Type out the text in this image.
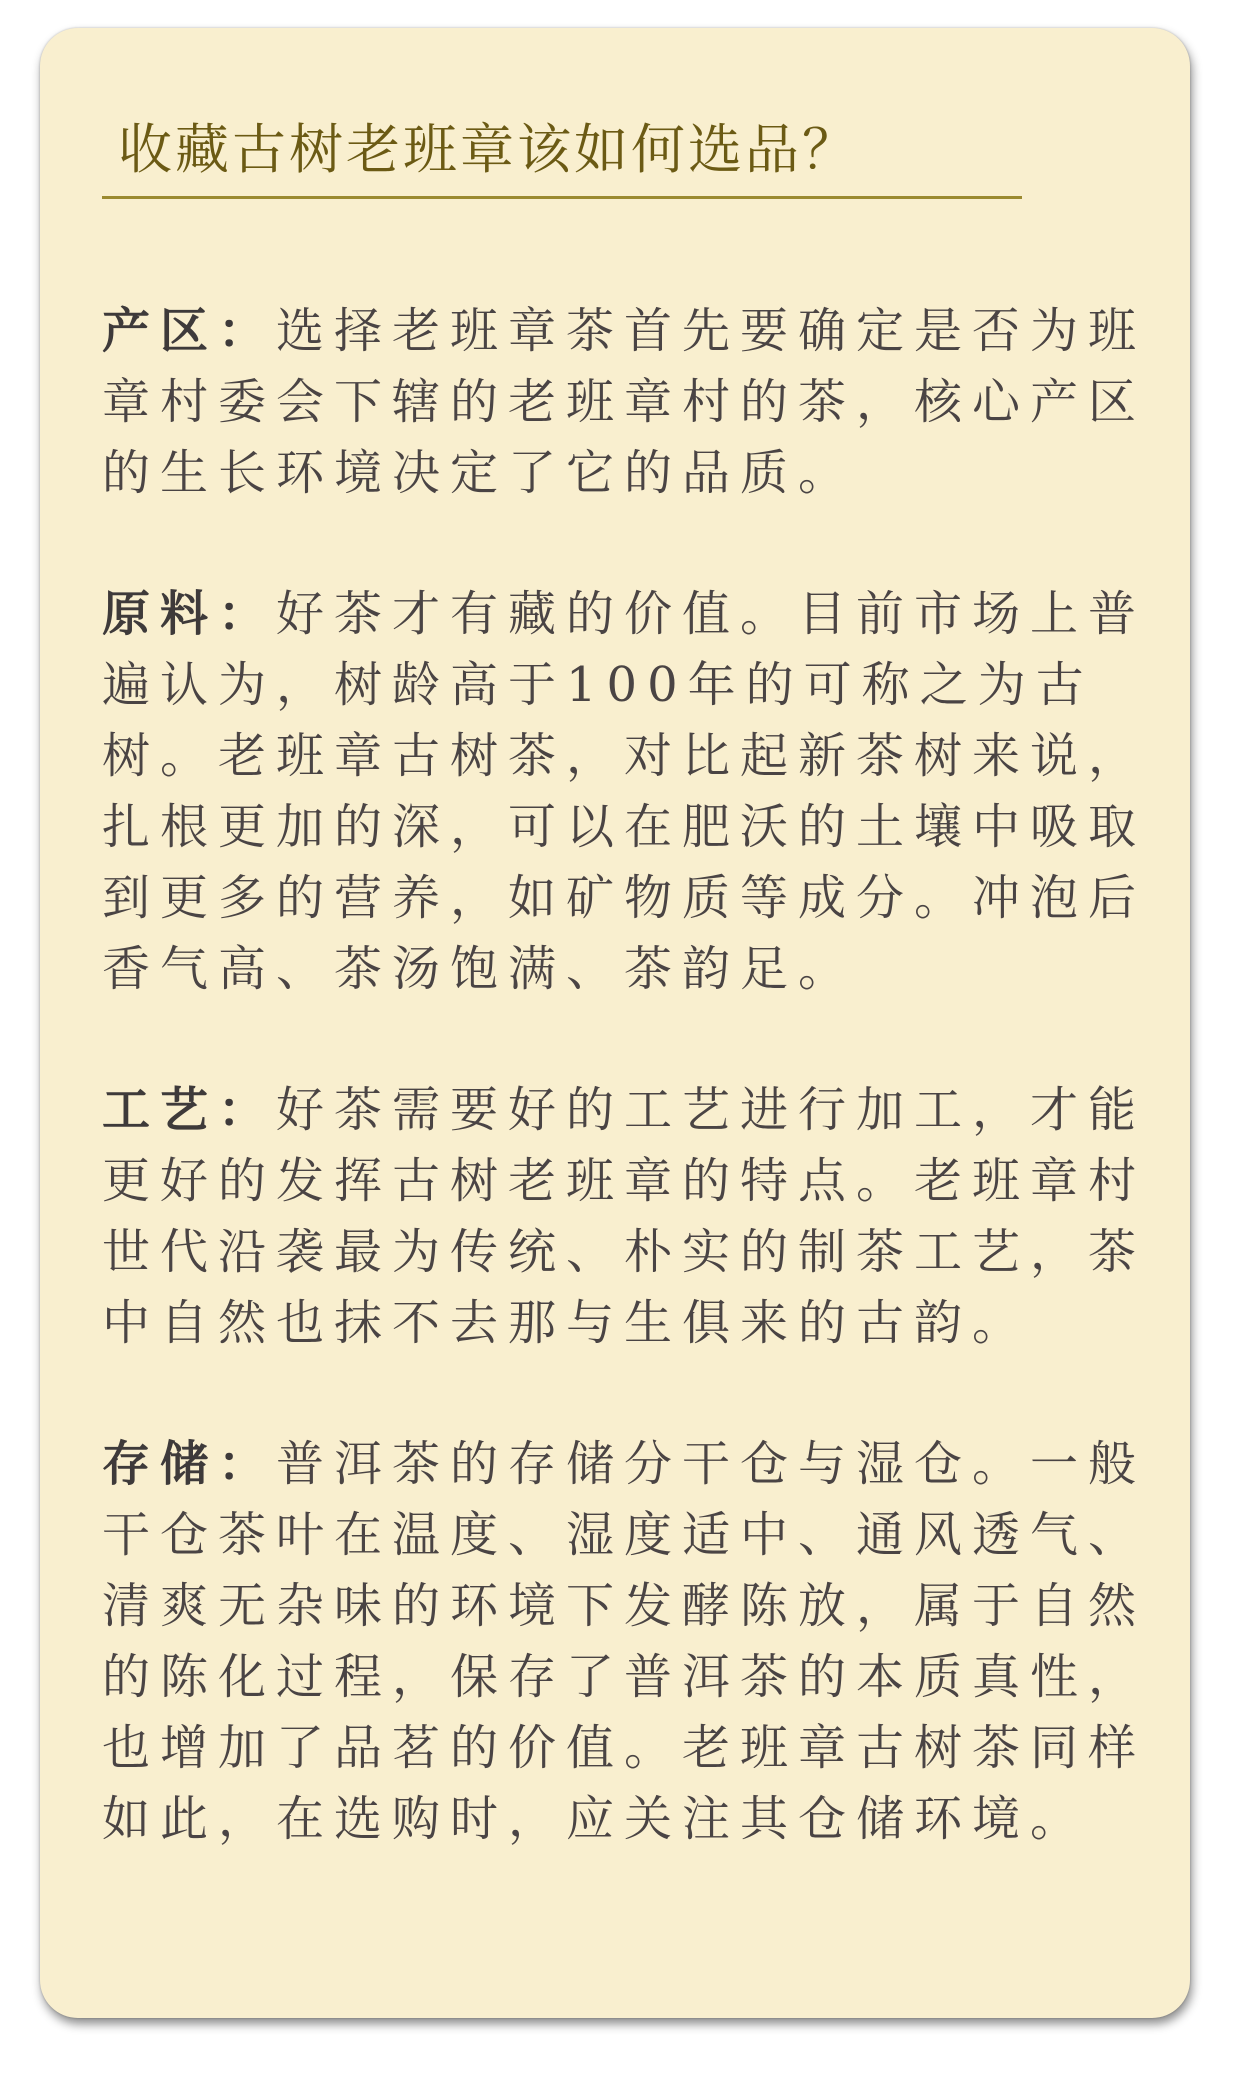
收藏古树老班章该如何选品？

产区：选择老班章茶首先要确定是否为班章村委会下辖的老班章村的茶，核心产区的生长环境决定了它的品质。

原料：好茶才有藏的价值。目前市场上普遍认为，树龄高于100年的可称之为古树。老班章古树茶，对比起新茶树来说，扎根更加的深，可以在肥沃的土壤中吸取到更多的营养，如矿物质等成分。冲泡后香气高、茶汤饱满、茶韵足。

工艺：好茶需要好的工艺进行加工，才能更好的发挥古树老班章的特点。老班章村世代沿袭最为传统、朴实的制茶工艺，茶中自然也抹不去那与生俱来的古韵。

存储：普洱茶的存储分干仓与湿仓。一般干仓茶叶在温度、湿度适中、通风透气、清爽无杂味的环境下发酵陈放，属于自然的陈化过程，保存了普洱茶的本质真性，也增加了品茗的价值。老班章古树茶同样如此，在选购时，应关注其仓储环境。
